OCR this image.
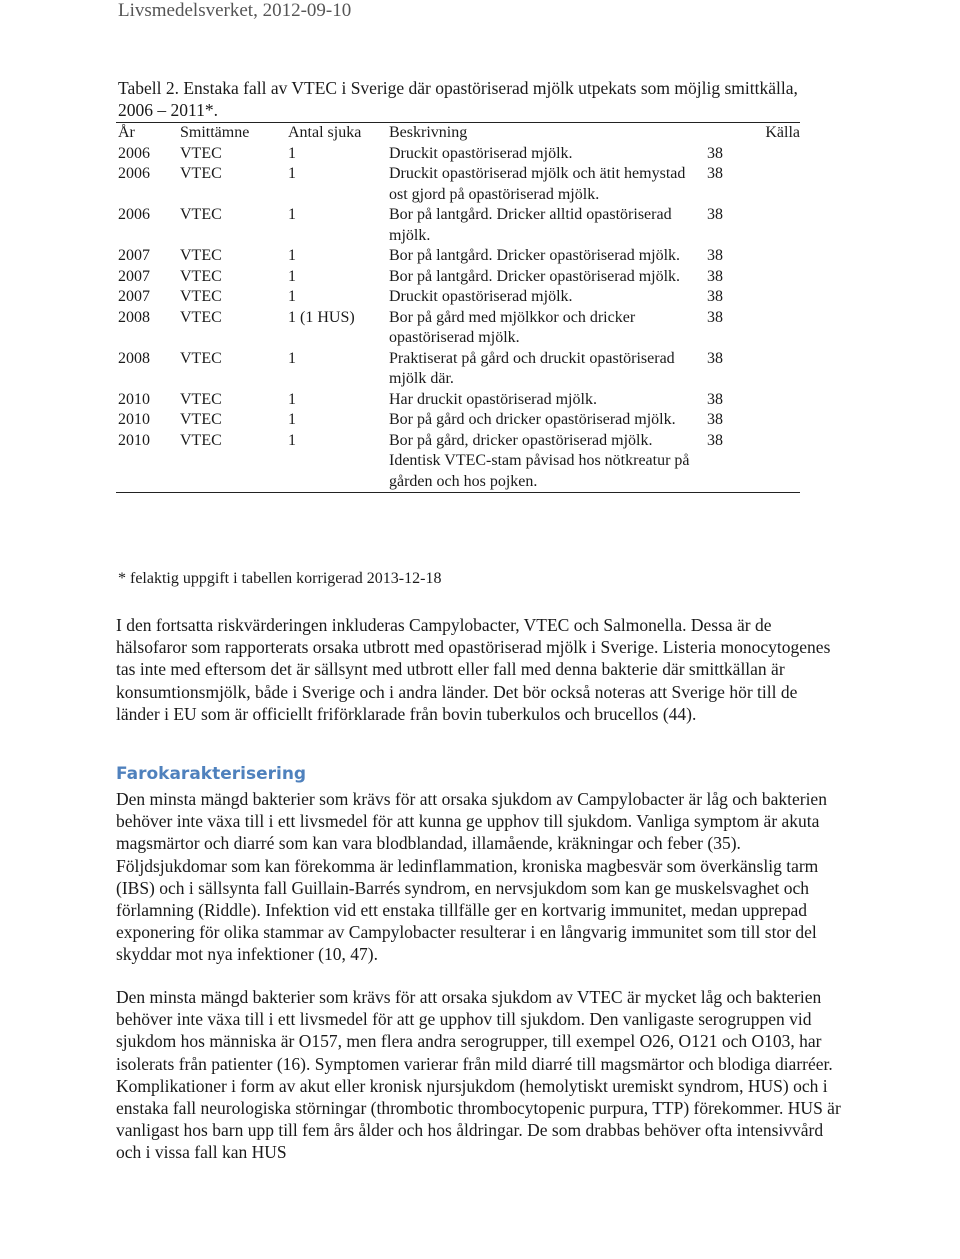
Livsmedelsverket, 2012-09-10
Tabell 2. Enstaka fall av VTEC i Sverige där opastöriserad mjölk utpekats som möjlig smittkälla, 2006 – 2011*.
År	Smittämne	Antal sjuka	Beskrivning	Källa
2006	VTEC	1	Druckit opastöriserad mjölk.	38
2006	VTEC	1	Druckit opastöriserad mjölk och ätit hemystad ost gjord på opastöriserad mjölk.	38
2006	VTEC	1	Bor på lantgård. Dricker alltid opastöriserad mjölk.	38
2007	VTEC	1	Bor på lantgård. Dricker opastöriserad mjölk.	38
2007	VTEC	1	Bor på lantgård. Dricker opastöriserad mjölk.	38
2007	VTEC	1	Druckit opastöriserad mjölk.	38
2008	VTEC	1 (1 HUS)	Bor på gård med mjölkkor och dricker opastöriserad mjölk.	38
2008	VTEC	1	Praktiserat på gård och druckit opastöriserad mjölk där.	38
2010	VTEC	1	Har druckit opastöriserad mjölk.	38
2010	VTEC	1	Bor på gård och dricker opastöriserad mjölk.	38
2010	VTEC	1	Bor på gård, dricker opastöriserad mjölk. Identisk VTEC-stam påvisad hos nötkreatur på gården och hos pojken.	38
* felaktig uppgift i tabellen korrigerad 2013-12-18

I den fortsatta riskvärderingen inkluderas Campylobacter, VTEC och Salmonella. Dessa är de hälsofaror som rapporterats orsaka utbrott med opastöriserad mjölk i Sverige. Listeria monocytogenes tas inte med eftersom det är sällsynt med utbrott eller fall med denna bakterie där smittkällan är konsumtionsmjölk, både i Sverige och i andra länder. Det bör också noteras att Sverige hör till de länder i EU som är officiellt friförklarade från bovin tuberkulos och brucellos (44).

Farokarakterisering

Den minsta mängd bakterier som krävs för att orsaka sjukdom av Campylobacter är låg och bakterien behöver inte växa till i ett livsmedel för att kunna ge upphov till sjukdom. Vanliga symptom är akuta magsmärtor och diarré som kan vara blodblandad, illamående, kräkningar och feber (35). Följdsjukdomar som kan förekomma är ledinflammation, kroniska magbesvär som överkänslig tarm (IBS) och i sällsynta fall Guillain-Barrés syndrom, en nervsjukdom som kan ge muskelsvaghet och förlamning (Riddle). Infektion vid ett enstaka tillfälle ger en kortvarig immunitet, medan upprepad exponering för olika stammar av Campylobacter resulterar i en långvarig immunitet som till stor del skyddar mot nya infektioner (10, 47).

Den minsta mängd bakterier som krävs för att orsaka sjukdom av VTEC är mycket låg och bakterien behöver inte växa till i ett livsmedel för att ge upphov till sjukdom. Den vanligaste serogruppen vid sjukdom hos människa är O157, men flera andra serogrupper, till exempel O26, O121 och O103, har isolerats från patienter (16). Symptomen varierar från mild diarré till magsmärtor och blodiga diarréer. Komplikationer i form av akut eller kronisk njursjukdom (hemolytiskt uremiskt syndrom, HUS) och i enstaka fall neurologiska störningar (thrombotic thrombocytopenic purpura, TTP) förekommer. HUS är vanligast hos barn upp till fem års ålder och hos åldringar. De som drabbas behöver ofta intensivvård och i vissa fall kan HUS
